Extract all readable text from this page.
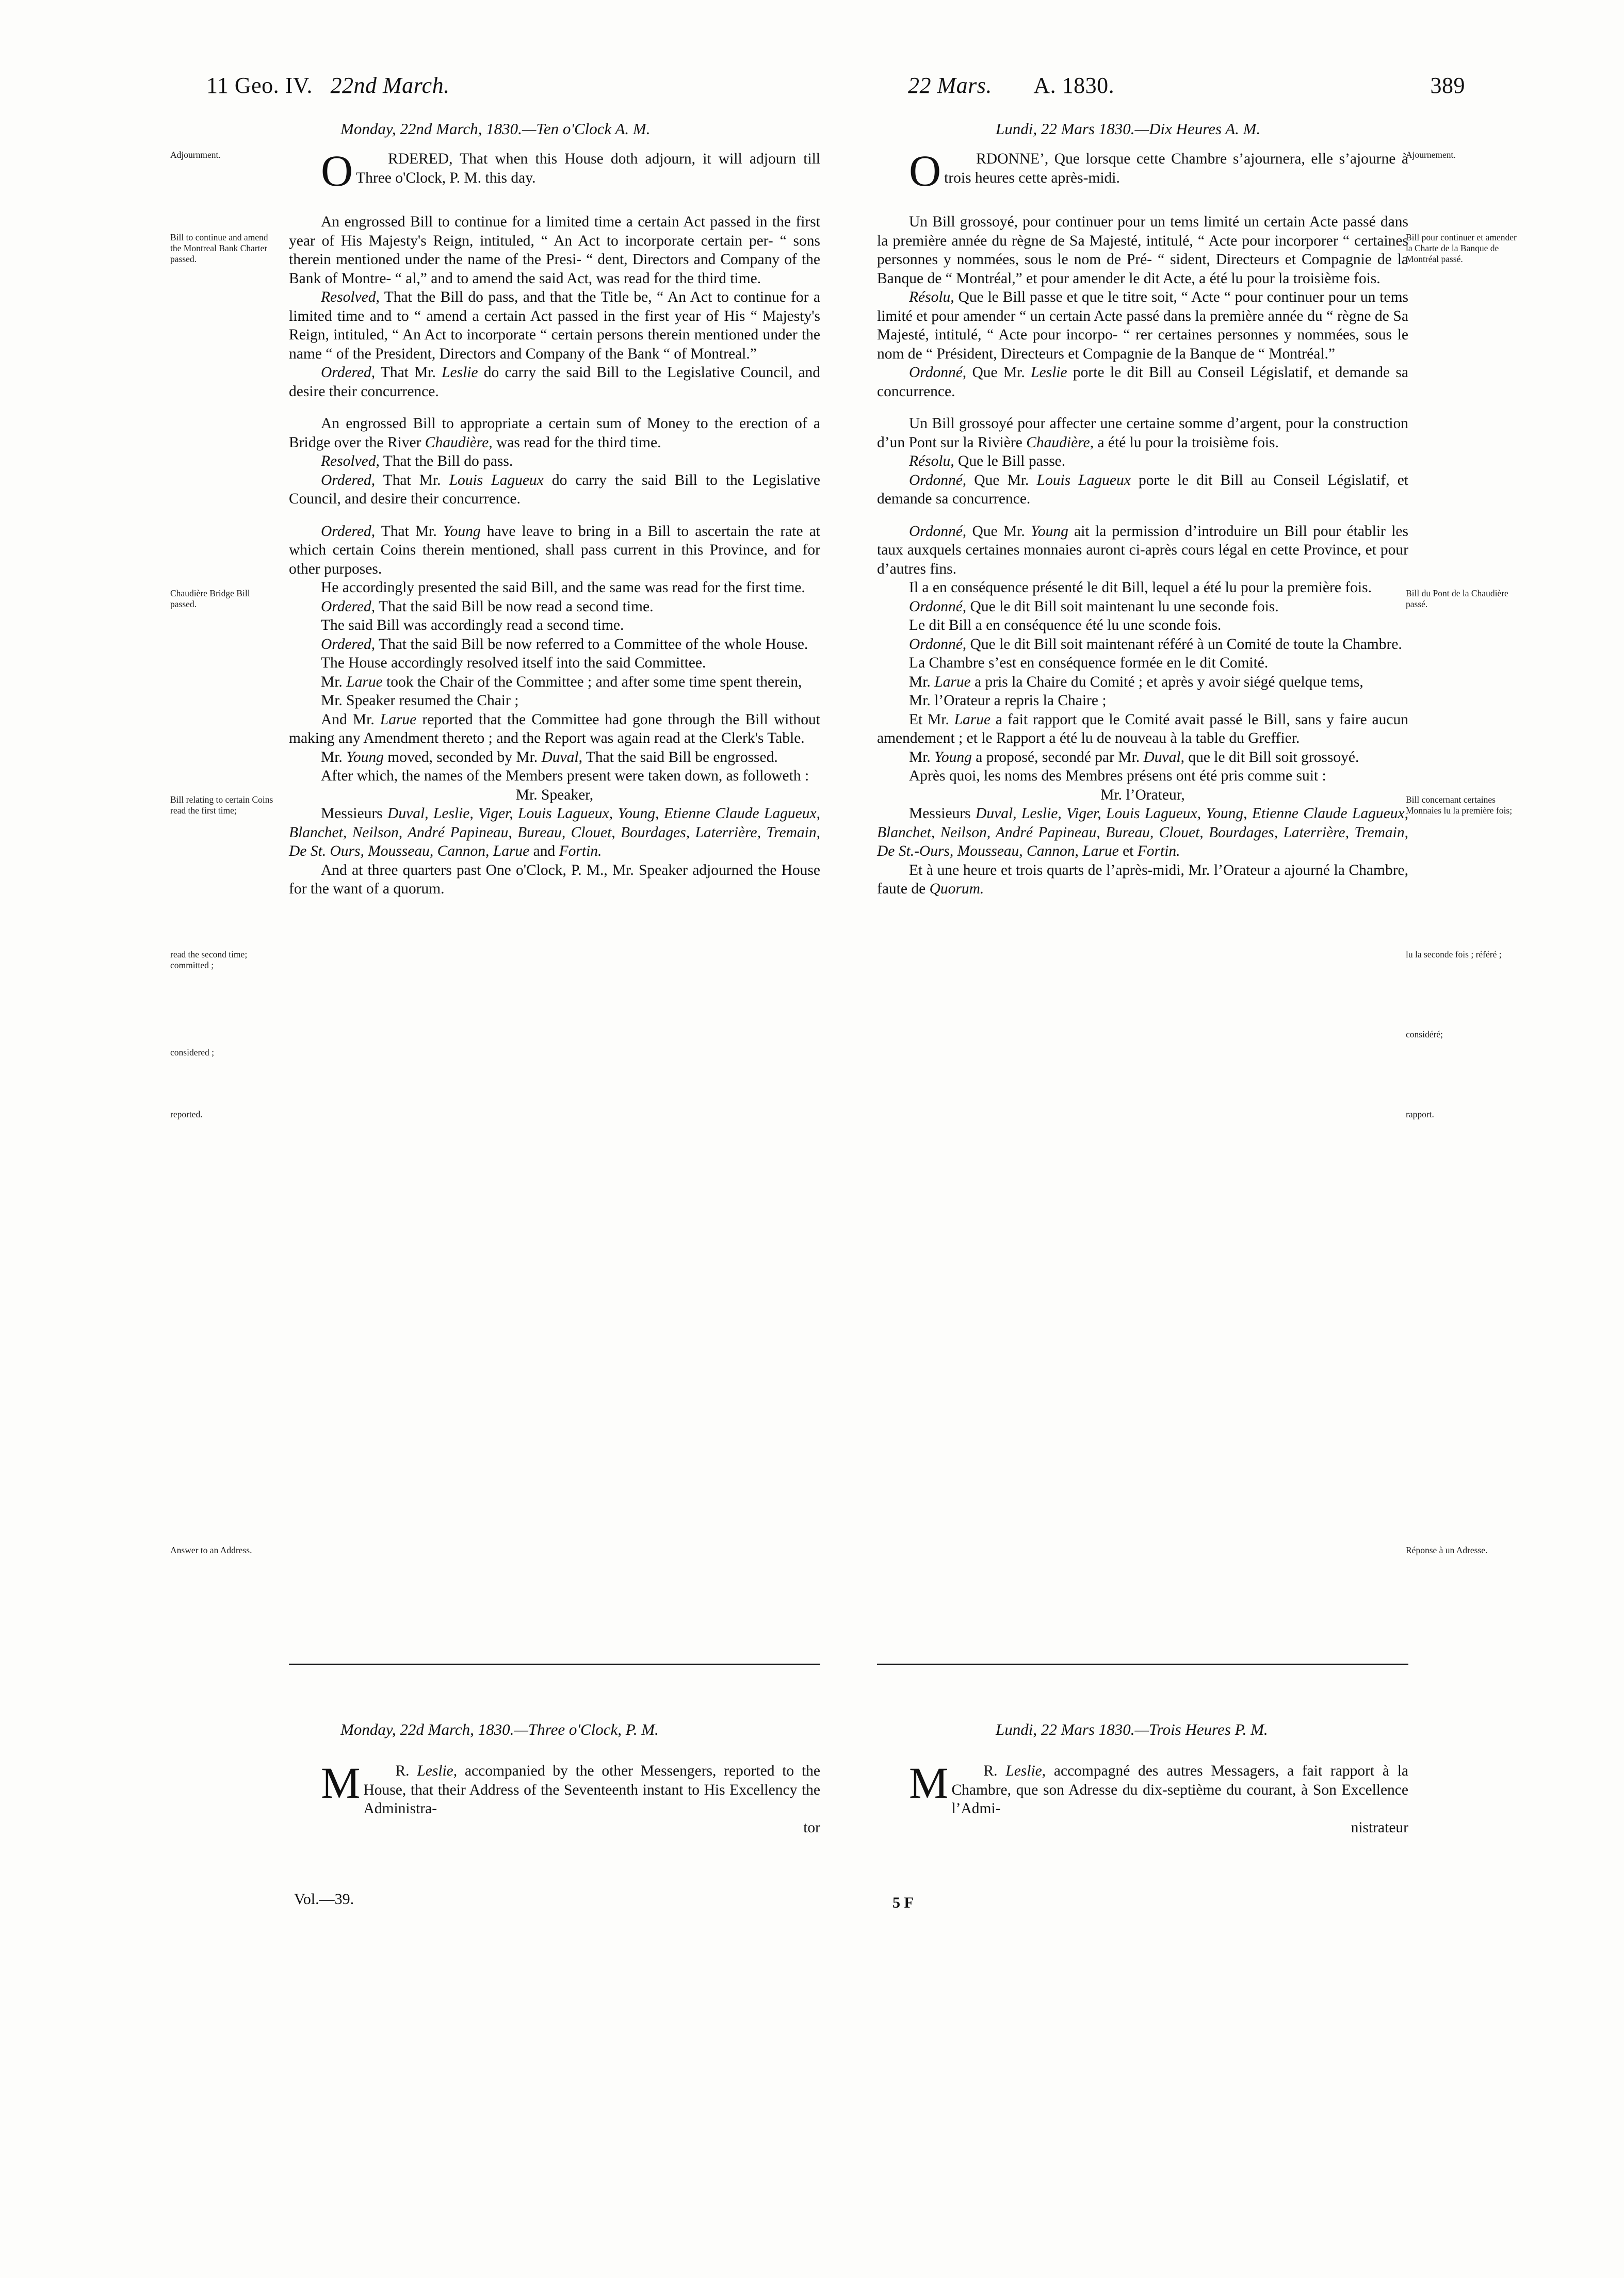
11 Geo. IV. 22nd March.	22 Mars. A. 1830.	389
Monday, 22nd March, 1830.—Ten o'Clock A. M.	Lundi, 22 Mars 1830.—Dix Heures A. M.
Adjournment.
Bill to continue and amend the Montreal Bank Charter passed.
Chaudière Bridge Bill passed.
Bill relating to certain Coins read the first time;
read the second time; committed ;
considered ;
reported.
Answer to an Address.
Ajournement.
Bill pour continuer et amender la Charte de la Banque de Montréal passé.
Bill du Pont de la Chaudière passé.
Bill concernant certaines Monnaies lu la première fois;
lu la seconde fois ; référé ;
considéré;
rapport.
Réponse à un Adresse.

O RDERED, That when this House doth adjourn, it will adjourn till Three o'Clock, P. M. this day.

An engrossed Bill to continue for a limited time a certain Act passed in the first year of His Majesty's Reign, intituled, “ An Act to incorporate certain per- “ sons therein mentioned under the name of the Presi- “ dent, Directors and Company of the Bank of Montre- “ al,” and to amend the said Act, was read for the third time.

Resolved, That the Bill do pass, and that the Title be, “ An Act to continue for a limited time and to “ amend a certain Act passed in the first year of His “ Majesty's Reign, intituled, “ An Act to incorporate “ certain persons therein mentioned under the name “ of the President, Directors and Company of the Bank “ of Montreal.”

Ordered, That Mr. Leslie do carry the said Bill to the Legislative Council, and desire their concurrence.

An engrossed Bill to appropriate a certain sum of Money to the erection of a Bridge over the River Chaudière, was read for the third time.

Resolved, That the Bill do pass.

Ordered, That Mr. Louis Lagueux do carry the said Bill to the Legislative Council, and desire their concurrence.

Ordered, That Mr. Young have leave to bring in a Bill to ascertain the rate at which certain Coins therein mentioned, shall pass current in this Province, and for other purposes.

He accordingly presented the said Bill, and the same was read for the first time.

Ordered, That the said Bill be now read a second time.

The said Bill was accordingly read a second time.

Ordered, That the said Bill be now referred to a Committee of the whole House.

The House accordingly resolved itself into the said Committee.

Mr. Larue took the Chair of the Committee ; and after some time spent therein,

Mr. Speaker resumed the Chair ;

And Mr. Larue reported that the Committee had gone through the Bill without making any Amendment thereto ; and the Report was again read at the Clerk's Table.

Mr. Young moved, seconded by Mr. Duval, That the said Bill be engrossed.

After which, the names of the Members present were taken down, as followeth :

Mr. Speaker,

Messieurs Duval, Leslie, Viger, Louis Lagueux, Young, Etienne Claude Lagueux, Blanchet, Neilson, André Papineau, Bureau, Clouet, Bourdages, Laterrière, Tremain, De St. Ours, Mousseau, Cannon, Larue and Fortin.

And at three quarters past One o'Clock, P. M., Mr. Speaker adjourned the House for the want of a quorum.

O RDONNE’, Que lorsque cette Chambre s’ajournera, elle s’ajourne à trois heures cette après-midi.

Un Bill grossoyé, pour continuer pour un tems limité un certain Acte passé dans la première année du règne de Sa Majesté, intitulé, “ Acte pour incorporer “ certaines personnes y nommées, sous le nom de Pré- “ sident, Directeurs et Compagnie de la Banque de “ Montréal,” et pour amender le dit Acte, a été lu pour la troisième fois.

Résolu, Que le Bill passe et que le titre soit, “ Acte “ pour continuer pour un tems limité et pour amender “ un certain Acte passé dans la première année du “ règne de Sa Majesté, intitulé, “ Acte pour incorpo- “ rer certaines personnes y nommées, sous le nom de “ Président, Directeurs et Compagnie de la Banque de “ Montréal.”

Ordonné, Que Mr. Leslie porte le dit Bill au Conseil Législatif, et demande sa concurrence.

Un Bill grossoyé pour affecter une certaine somme d’argent, pour la construction d’un Pont sur la Rivière Chaudière, a été lu pour la troisième fois.

Résolu, Que le Bill passe.

Ordonné, Que Mr. Louis Lagueux porte le dit Bill au Conseil Législatif, et demande sa concurrence.

Ordonné, Que Mr. Young ait la permission d’introduire un Bill pour établir les taux auxquels certaines monnaies auront ci-après cours légal en cette Province, et pour d’autres fins.

Il a en conséquence présenté le dit Bill, lequel a été lu pour la première fois.

Ordonné, Que le dit Bill soit maintenant lu une seconde fois.

Le dit Bill a en conséquence été lu une sconde fois.

Ordonné, Que le dit Bill soit maintenant référé à un Comité de toute la Chambre.

La Chambre s’est en conséquence formée en le dit Comité.

Mr. Larue a pris la Chaire du Comité ; et après y avoir siégé quelque tems,

Mr. l’Orateur a repris la Chaire ;

Et Mr. Larue a fait rapport que le Comité avait passé le Bill, sans y faire aucun amendement ; et le Rapport a été lu de nouveau à la table du Greffier.

Mr. Young a proposé, secondé par Mr. Duval, que le dit Bill soit grossoyé.

Après quoi, les noms des Membres présens ont été pris comme suit :

Mr. l’Orateur,

Messieurs Duval, Leslie, Viger, Louis Lagueux, Young, Etienne Claude Lagueux, Blanchet, Neilson, André Papineau, Bureau, Clouet, Bourdages, Laterrière, Tremain, De St.-Ours, Mousseau, Cannon, Larue et Fortin.

Et à une heure et trois quarts de l’après-midi, Mr. l’Orateur a ajourné la Chambre, faute de Quorum.

Monday, 22d March, 1830.—Three o'Clock, P. M.	Lundi, 22 Mars 1830.—Trois Heures P. M.

M R. Leslie, accompanied by the other Messengers, reported to the House, that their Address of the Seventeenth instant to His Excellency the Administra-

tor

M R. Leslie, accompagné des autres Messagers, a fait rapport à la Chambre, que son Adresse du dix-septième du courant, à Son Excellence l’Admi-

nistrateur

Vol.—39.	5 F
